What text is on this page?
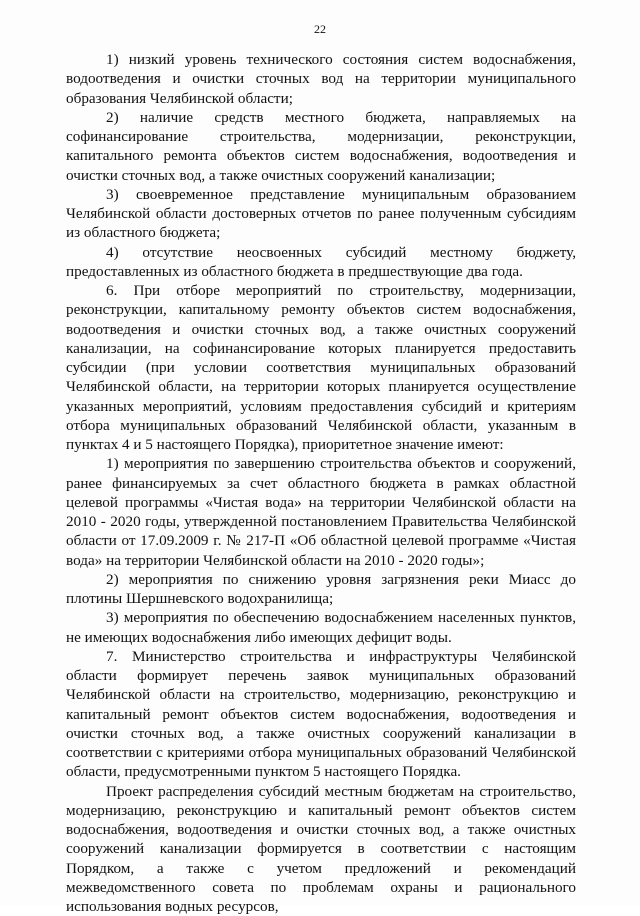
22

1) низкий уровень технического состояния систем водоснабжения, водоотведения и очистки сточных вод на территории муниципального образования Челябинской области;

2) наличие средств местного бюджета, направляемых на софинансирование строительства, модернизации, реконструкции, капитального ремонта объектов систем водоснабжения, водоотведения и очистки сточных вод, а также очистных сооружений канализации;

3) своевременное представление муниципальным образованием Челябинской области достоверных отчетов по ранее полученным субсидиям из областного бюджета;

4) отсутствие неосвоенных субсидий местному бюджету, предоставленных из областного бюджета в предшествующие два года.

6. При отборе мероприятий по строительству, модернизации, реконструкции, капитальному ремонту объектов систем водоснабжения, водоотведения и очистки сточных вод, а также очистных сооружений канализации, на софинансирование которых планируется предоставить субсидии (при условии соответствия муниципальных образований Челябинской области, на территории которых планируется осуществление указанных мероприятий, условиям предоставления субсидий и критериям отбора муниципальных образований Челябинской области, указанным в пунктах 4 и 5 настоящего Порядка), приоритетное значение имеют:

1) мероприятия по завершению строительства объектов и сооружений, ранее финансируемых за счет областного бюджета в рамках областной целевой программы «Чистая вода» на территории Челябинской области на 2010 - 2020 годы, утвержденной постановлением Правительства Челябинской области от 17.09.2009 г. № 217-П «Об областной целевой программе «Чистая вода» на территории Челябинской области на 2010 - 2020 годы»;

2) мероприятия по снижению уровня загрязнения реки Миасс до плотины Шершневского водохранилища;

3) мероприятия по обеспечению водоснабжением населенных пунктов, не имеющих водоснабжения либо имеющих дефицит воды.

7. Министерство строительства и инфраструктуры Челябинской области формирует перечень заявок муниципальных образований Челябинской области на строительство, модернизацию, реконструкцию и капитальный ремонт объектов систем водоснабжения, водоотведения и очистки сточных вод, а также очистных сооружений канализации в соответствии с критериями отбора муниципальных образований Челябинской области, предусмотренными пунктом 5 настоящего Порядка.

Проект распределения субсидий местным бюджетам на строительство, модернизацию, реконструкцию и капитальный ремонт объектов систем водоснабжения, водоотведения и очистки сточных вод, а также очистных сооружений канализации формируется в соответствии с настоящим Порядком, а также с учетом предложений и рекомендаций межведомственного совета по проблемам охраны и рационального использования водных ресурсов,
